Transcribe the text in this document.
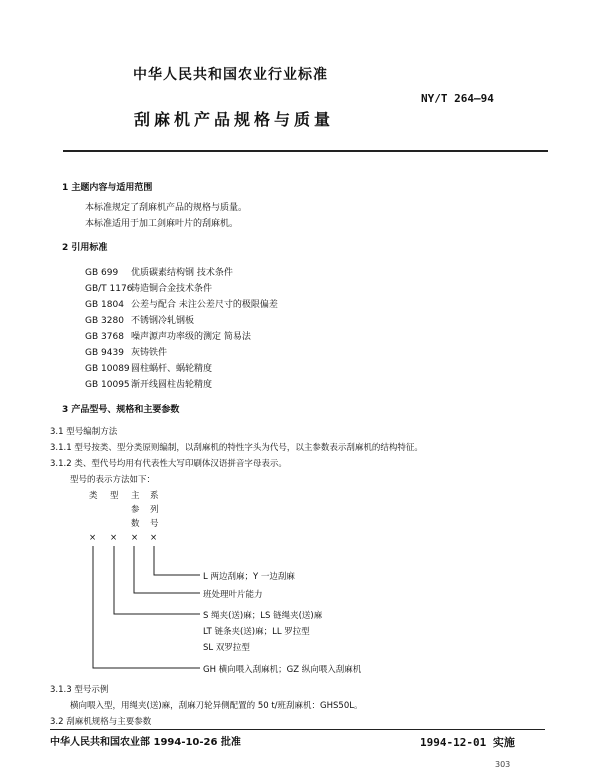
中华人民共和国农业行业标准
NY/T 264—94
刮麻机产品规格与质量
1 主题内容与适用范围
本标准规定了刮麻机产品的规格与质量。
本标准适用于加工剑麻叶片的刮麻机。
2 引用标准
GB 699 优质碳素结构钢 技术条件
GB/T 1176铸造铜合金技术条件
GB 1804 公差与配合 未注公差尺寸的极限偏差
GB 3280 不锈钢冷轧钢板
GB 3768 噪声源声功率级的测定 简易法
GB 9439 灰铸铁件
GB 10089圆柱蜗杆、蜗轮精度
GB 10095渐开线圆柱齿轮精度
3 产品型号、规格和主要参数
3.1 型号编制方法
3.1.1 型号按类、型分类原则编制，以刮麻机的特性字头为代号，以主参数表示刮麻机的结构特征。
3.1.2 类、型代号均用有代表性大写印刷体汉语拼音字母表示。
型号的表示方法如下：
类 型 主 系
参 列
数 号
× × × ×
L 两边刮麻；Y 一边刮麻
班处理叶片能力
S 绳夹(送)麻；LS 链绳夹(送)麻
LT 链条夹(送)麻；LL 罗拉型
SL 双罗拉型
GH 横向喂入刮麻机；GZ 纵向喂入刮麻机
3.1.3 型号示例
横向喂入型，用绳夹(送)麻，刮麻刀轮异侧配置的 50 t/班刮麻机：GHS50L。
3.2 刮麻机规格与主要参数
中华人民共和国农业部 1994-10-26 批准	1994-12-01 实施
303
